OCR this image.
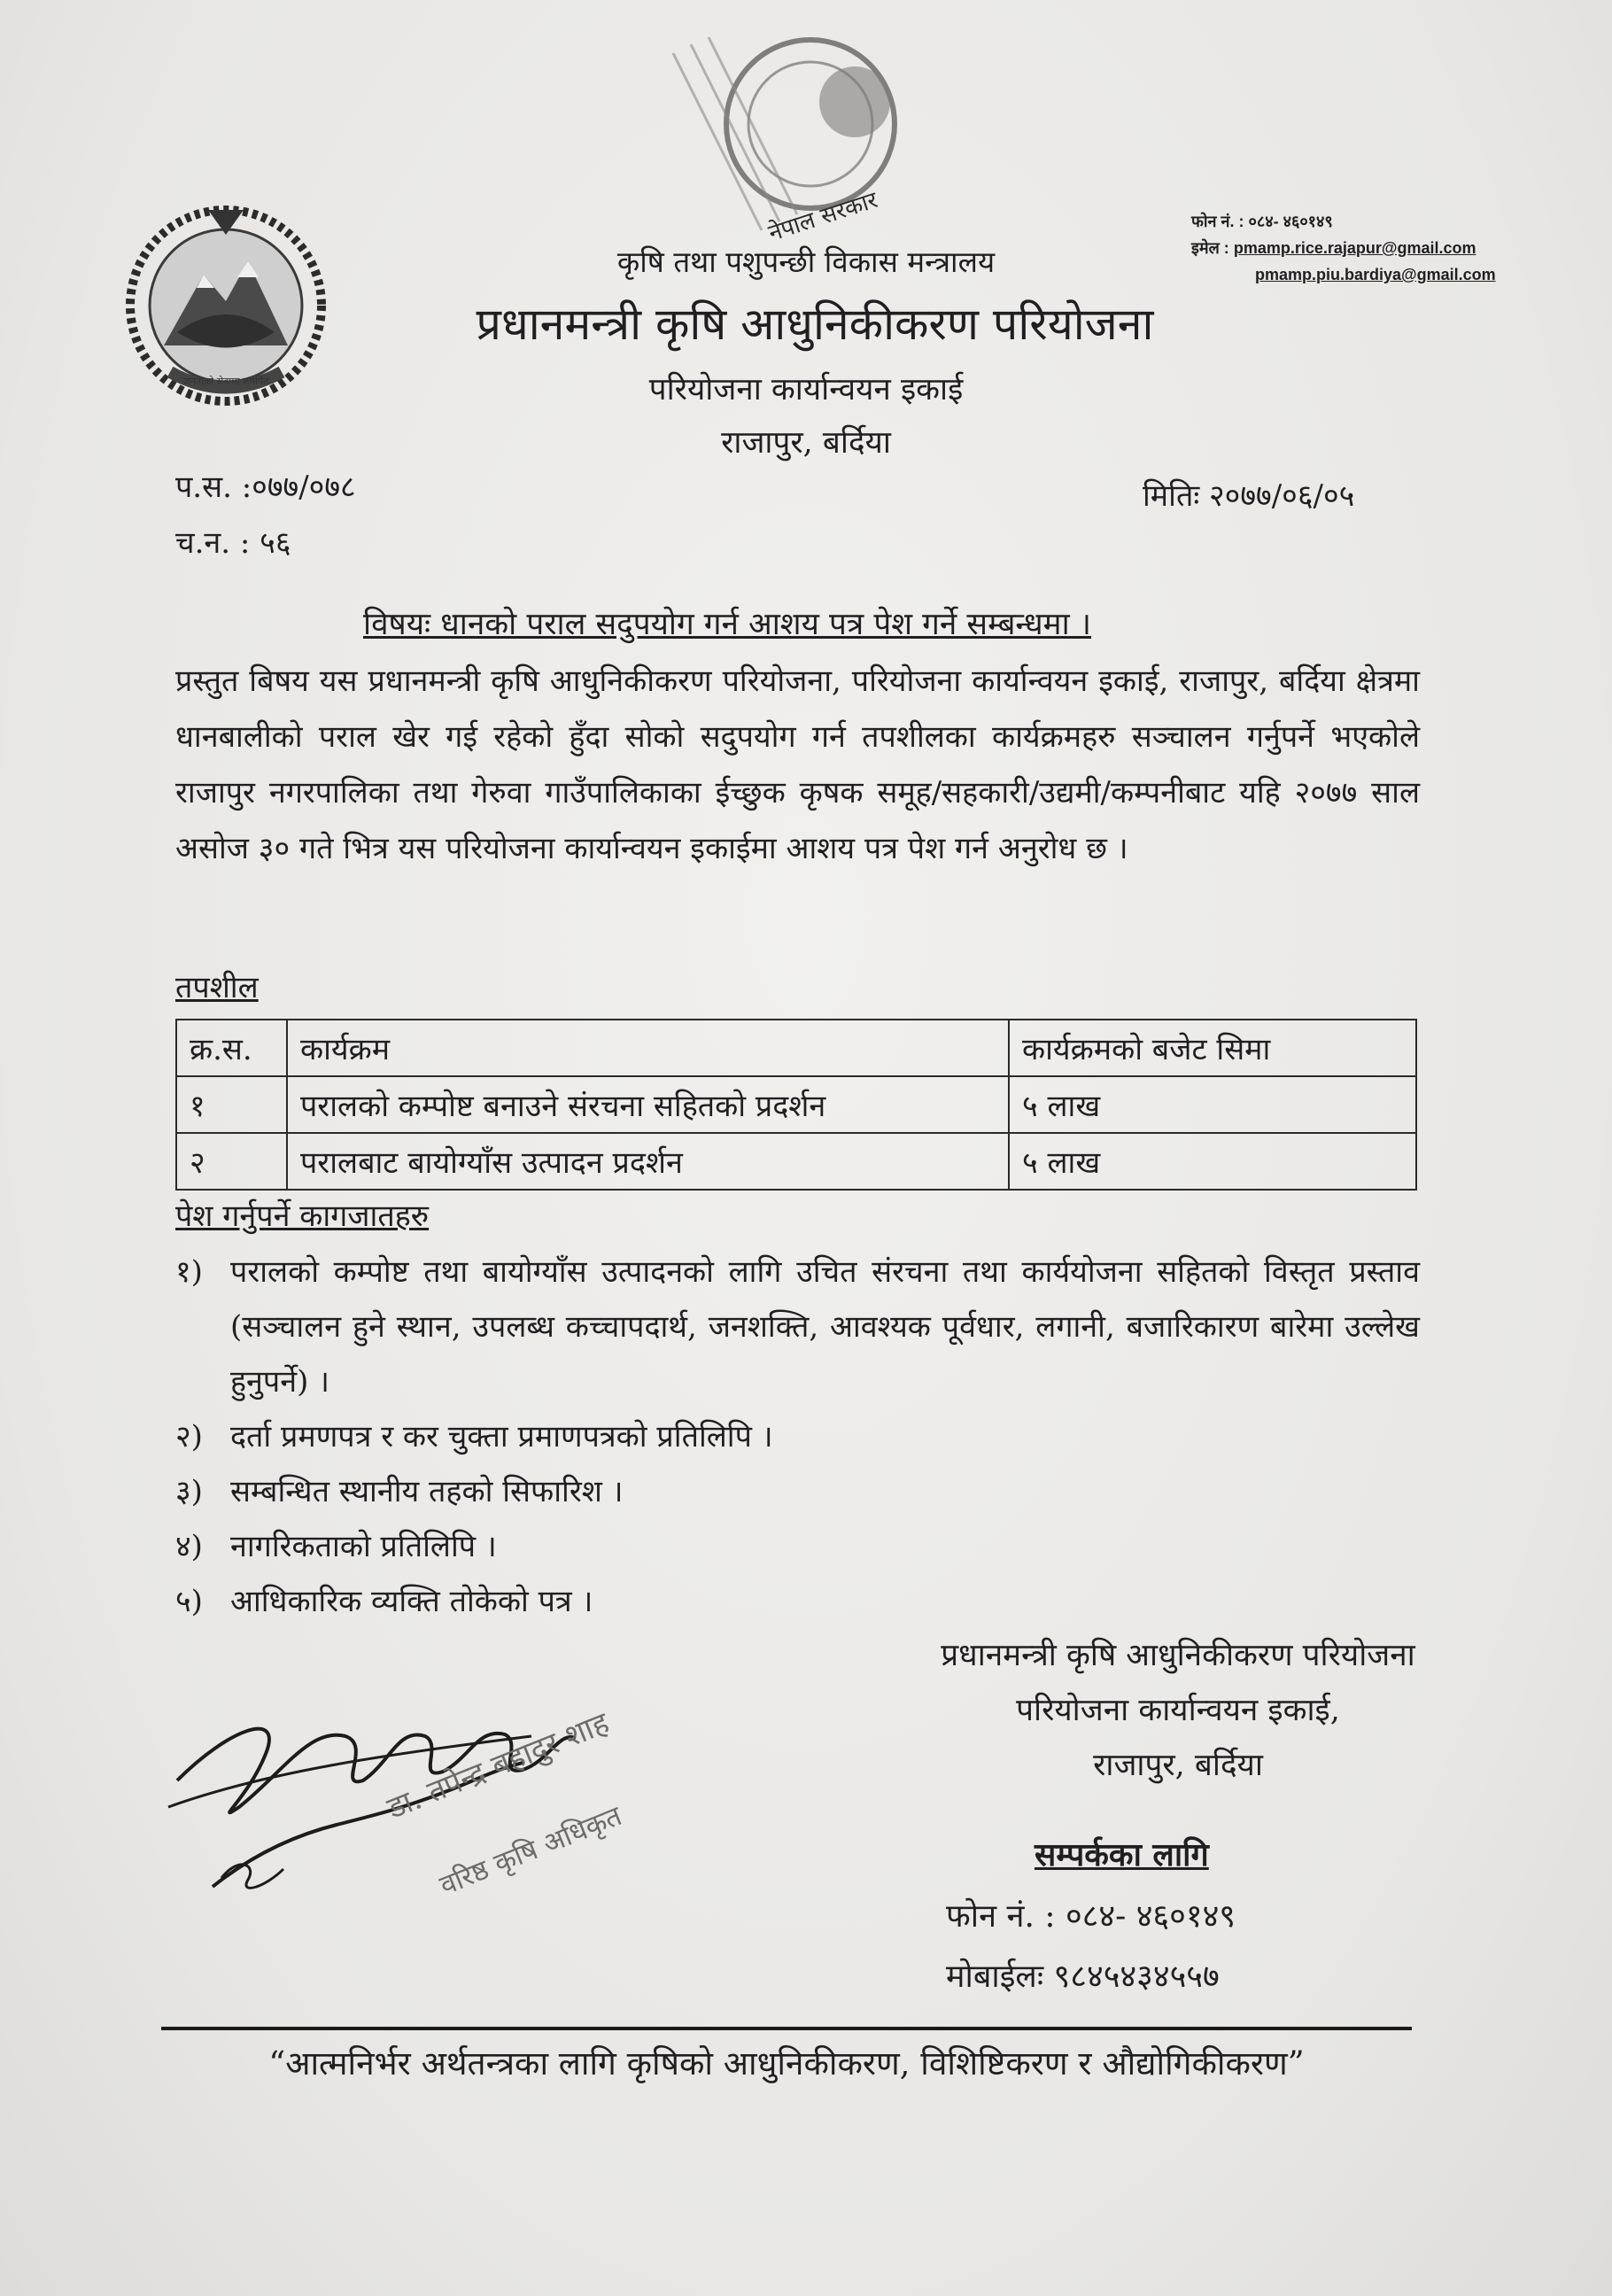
जनताको सेवामा समर्पित
नेपाल सरकार
कृषि तथा पशुपन्छी विकास मन्त्रालय
प्रधानमन्त्री कृषि आधुनिकीकरण परियोजना
परियोजना कार्यान्वयन इकाई
राजापुर, बर्दिया
फोन नं. : ०८४- ४६०१४९
इमेल : pmamp.rice.rajapur@gmail.com
pmamp.piu.bardiya@gmail.com
प.स. :०७७/०७८
च.न. : ५६
मितिः २०७७/०६/०५
विषयः धानको पराल सदुपयोग गर्न आशय पत्र पेश गर्ने सम्बन्धमा ।
प्रस्तुत बिषय यस प्रधानमन्त्री कृषि आधुनिकीकरण परियोजना, परियोजना कार्यान्वयन इकाई, राजापुर, बर्दिया क्षेत्रमा धानबालीको पराल खेर गई रहेको हुँदा सोको सदुपयोग गर्न तपशीलका कार्यक्रमहरु सञ्चालन गर्नुपर्ने भएकोले राजापुर नगरपालिका तथा गेरुवा गाउँपालिकाका ईच्छुक कृषक समूह/सहकारी/उद्यमी/कम्पनीबाट यहि २०७७ साल असोज ३० गते भित्र यस परियोजना कार्यान्वयन इकाईमा आशय पत्र पेश गर्न अनुरोध छ ।
तपशील
क्र.स.	कार्यक्रम	कार्यक्रमको बजेट सिमा
१	परालको कम्पोष्ट बनाउने संरचना सहितको प्रदर्शन	५ लाख
२	परालबाट बायोग्याँस उत्पादन प्रदर्शन	५ लाख
पेश गर्नुपर्ने कागजातहरु
१) परालको कम्पोष्ट तथा बायोग्याँस उत्पादनको लागि उचित संरचना तथा कार्ययोजना सहितको विस्तृत प्रस्ताव (सञ्चालन हुने स्थान, उपलब्ध कच्चापदार्थ, जनशक्ति, आवश्यक पूर्वधार, लगानी, बजारिकारण बारेमा उल्लेख हुनुपर्ने) ।
२) दर्ता प्रमणपत्र र कर चुक्ता प्रमाणपत्रको प्रतिलिपि ।
३) सम्बन्धित स्थानीय तहको सिफारिश ।
४) नागरिकताको प्रतिलिपि ।
५) आधिकारिक व्यक्ति तोकेको पत्र ।
प्रधानमन्त्री कृषि आधुनिकीकरण परियोजना
परियोजना कार्यान्वयन इकाई,
राजापुर, बर्दिया
डा. तपेन्द्र बहादुर शाह
वरिष्ठ कृषि अधिकृत	सम्पर्कका लागि
फोन नं. : ०८४- ४६०१४९
मोबाईलः ९८४५४३४५५७
“आत्मनिर्भर अर्थतन्त्रका लागि कृषिको आधुनिकीकरण, विशिष्टिकरण र औद्योगिकीकरण”
